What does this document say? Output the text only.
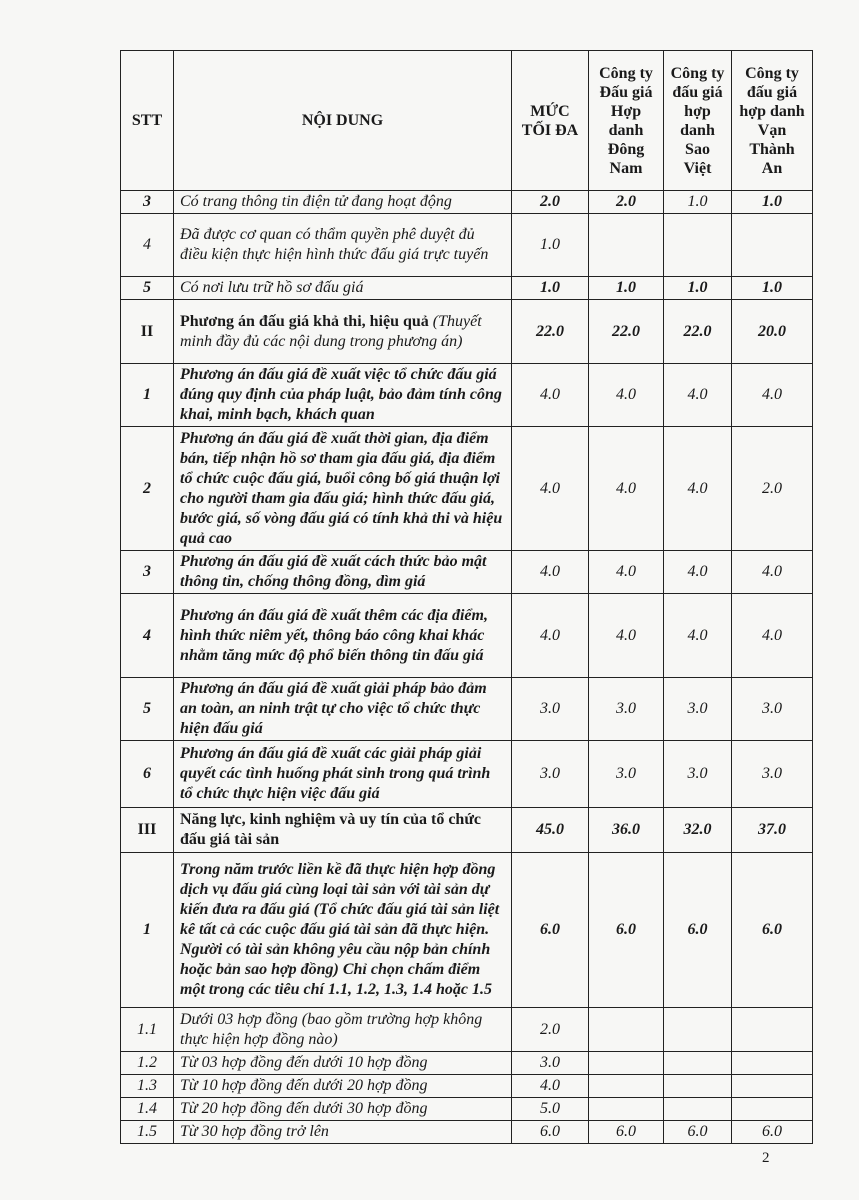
STT	NỘI DUNG	MỨC TỐI ĐA	Công ty Đấu giá Hợp danh Đông Nam	Công ty đấu giá hợp danh Sao Việt	Công ty đấu giá hợp danh Vạn Thành An
3	Có trang thông tin điện tử đang hoạt động	2.0	2.0	1.0	1.0
4	Đã được cơ quan có thẩm quyền phê duyệt đủ điều kiện thực hiện hình thức đấu giá trực tuyến	1.0			
5	Có nơi lưu trữ hồ sơ đấu giá	1.0	1.0	1.0	1.0
II	Phương án đấu giá khả thi, hiệu quả (Thuyết minh đầy đủ các nội dung trong phương án)	22.0	22.0	22.0	20.0
1	Phương án đấu giá đề xuất việc tổ chức đấu giá đúng quy định của pháp luật, bảo đảm tính công khai, minh bạch, khách quan	4.0	4.0	4.0	4.0
2	Phương án đấu giá đề xuất thời gian, địa điểm bán, tiếp nhận hồ sơ tham gia đấu giá, địa điểm tổ chức cuộc đấu giá, buổi công bố giá thuận lợi cho người tham gia đấu giá; hình thức đấu giá, bước giá, số vòng đấu giá có tính khả thi và hiệu quả cao	4.0	4.0	4.0	2.0
3	Phương án đấu giá đề xuất cách thức bảo mật thông tin, chống thông đồng, dìm giá	4.0	4.0	4.0	4.0
4	Phương án đấu giá đề xuất thêm các địa điểm, hình thức niêm yết, thông báo công khai khác nhằm tăng mức độ phổ biến thông tin đấu giá	4.0	4.0	4.0	4.0
5	Phương án đấu giá đề xuất giải pháp bảo đảm an toàn, an ninh trật tự cho việc tổ chức thực hiện đấu giá	3.0	3.0	3.0	3.0
6	Phương án đấu giá đề xuất các giải pháp giải quyết các tình huống phát sinh trong quá trình tổ chức thực hiện việc đấu giá	3.0	3.0	3.0	3.0
III	Năng lực, kinh nghiệm và uy tín của tổ chức đấu giá tài sản	45.0	36.0	32.0	37.0
1	Trong năm trước liền kề đã thực hiện hợp đồng dịch vụ đấu giá cùng loại tài sản với tài sản dự kiến đưa ra đấu giá (Tổ chức đấu giá tài sản liệt kê tất cả các cuộc đấu giá tài sản đã thực hiện. Người có tài sản không yêu cầu nộp bản chính hoặc bản sao hợp đồng) Chỉ chọn chấm điểm một trong các tiêu chí 1.1, 1.2, 1.3, 1.4 hoặc 1.5	6.0	6.0	6.0	6.0
1.1	Dưới 03 hợp đồng (bao gồm trường hợp không thực hiện hợp đồng nào)	2.0			
1.2	Từ 03 hợp đồng đến dưới 10 hợp đồng	3.0			
1.3	Từ 10 hợp đồng đến dưới 20 hợp đồng	4.0			
1.4	Từ 20 hợp đồng đến dưới 30 hợp đồng	5.0			
1.5	Từ 30 hợp đồng trở lên	6.0	6.0	6.0	6.0
2
